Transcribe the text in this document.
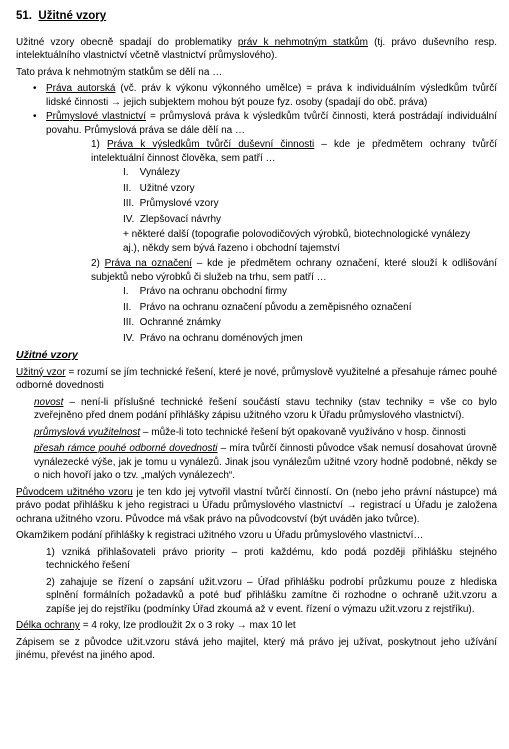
51. Užitné vzory

Užitné vzory obecně spadají do problematiky práv k nehmotným statkům (tj. právo duševního resp. intelektuálního vlastnictví včetně vlastnictví průmyslového).

Tato práva k nehmotným statkům se dělí na …

• Práva autorská (vč. práv k výkonu výkonného umělce) = práva k individuálním výsledkům tvůrčí lidské činnosti → jejich subjektem mohou být pouze fyz. osoby (spadají do obč. práva)
• Průmyslové vlastnictví = průmyslová práva k výsledkům tvůrčí činnosti, která postrádají individuální povahu. Průmyslová práva se dále dělí na …
1) Práva k výsledkům tvůrčí duševní činnosti – kde je předmětem ochrany tvůrčí intelektuální činnost člověka, sem patří …
I.    Vynálezy
II.   Užitné vzory
III.  Průmyslové vzory
IV.  Zlepšovací návrhy
+ některé další (topografie polovodičových výrobků, biotechnologické vynálezy aj.), někdy sem bývá řazeno i obchodní tajemství
2) Práva na označení – kde je předmětem ochrany označení, které slouží k odlišování subjektů nebo výrobků či služeb na trhu, sem patří …
I.    Právo na ochranu obchodní firmy
II.   Právo na ochranu označení původu a zeměpisného označení
III.  Ochranné známky
IV.  Právo na ochranu doménových jmen
Užitné vzory

Užitný vzor = rozumí se jím technické řešení, které je nové, průmyslově využitelné a přesahuje rámec pouhé odborné dovednosti

novost – není-li příslušné technické řešení součástí stavu techniky (stav techniky = vše co bylo zveřejněno před dnem podání přihlášky zápisu užitného vzoru k Úřadu průmyslového vlastnictví).

průmyslová využitelnost – může-li toto technické řešení být opakovaně využíváno v hosp. činnosti

přesah rámce pouhé odborné dovednosti – míra tvůrčí činnosti původce však nemusí dosahovat úrovně vynálezecké výše, jak je tomu u vynálezů. Jinak jsou vynálezům užitné vzory hodně podobné, někdy se o nich hovoří jako o tzv. „malých vynálezech“.

Původcem užitného vzoru je ten kdo jej vytvořil vlastní tvůrčí činností. On (nebo jeho právní nástupce) má právo podat přihlášku k jeho registraci u Úřadu průmyslového vlastnictví → registrací u Úřadu je založena ochrana užitného vzoru. Původce má však právo na původcovství (být uváděn jako tvůrce).

Okamžikem podání přihlášky k registraci užitného vzoru u Úřadu průmyslového vlastnictví…

1) vzniká přihlašovateli právo priority – proti každému, kdo podá později přihlášku stejného technického řešení

2) zahajuje se řízení o zapsání užit.vzoru – Úřad přihlášku podrobí průzkumu pouze z hlediska splnění formálních požadavků a poté buď přihlášku zamítne či rozhodne o ochraně užit.vzoru a zapíše jej do rejstříku (podmínky Úřad zkoumá až v event. řízení o výmazu užit.vzoru z rejstříku).

Délka ochrany = 4 roky, lze prodloužit 2x o 3 roky → max 10 let

Zápisem se z původce užit.vzoru stává jeho majitel, který má právo jej užívat, poskytnout jeho užívání jinému, převést na jiného apod.
